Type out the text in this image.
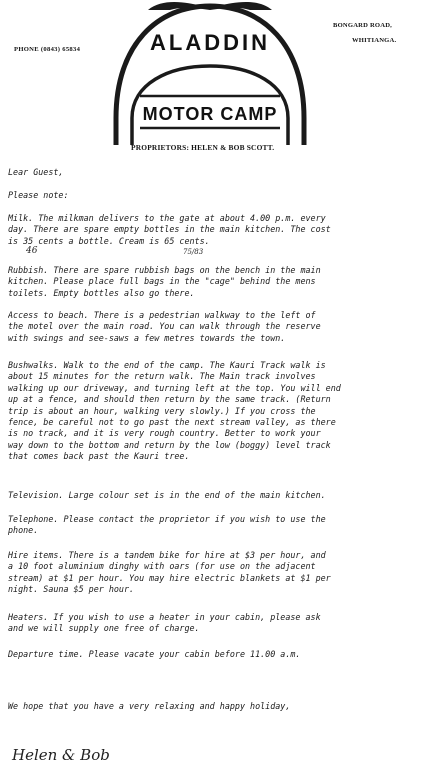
PHONE (0843) 65834
BONGARD ROAD,
WHITIANGA.
ALADDIN
MOTOR CAMP
PROPRIETORS: HELEN & BOB SCOTT.
Lear Guest,
Please note:
Milk. The milkman delivers to the gate at about 4.00 p.m. every
day. There are spare empty bottles in the main kitchen. The cost
is 35 cents a bottle. Cream is 65 cents.
46	75/83
Rubbish. There are spare rubbish bags on the bench in the main
kitchen. Please place full bags in the "cage" behind the mens
toilets. Empty bottles also go there.
Access to beach. There is a pedestrian walkway to the left of
the motel over the main road. You can walk through the reserve
with swings and see-saws a few metres towards the town.
Bushwalks. Walk to the end of the camp. The Kauri Track walk is
about 15 minutes for the return walk. The Main track involves
walking up our driveway, and turning left at the top. You will end
up at a fence, and should then return by the same track. (Return
trip is about an hour, walking very slowly.) If you cross the
fence, be careful not to go past the next stream valley, as there
is no track, and it is very rough country. Better to work your
way down to the bottom and return by the low (boggy) level track
that comes back past the Kauri tree.
Television. Large colour set is in the end of the main kitchen.
Telephone. Please contact the proprietor if you wish to use the
phone.
Hire items. There is a tandem bike for hire at $3 per hour, and
a 10 foot aluminium dinghy with oars (for use on the adjacent
stream) at $1 per hour. You may hire electric blankets at $1 per
night. Sauna $5 per hour.
Heaters. If you wish to use a heater in your cabin, please ask
and we will supply one free of charge.
Departure time. Please vacate your cabin before 11.00 a.m.
We hope that you have a very relaxing and happy holiday,
Helen & Bob
